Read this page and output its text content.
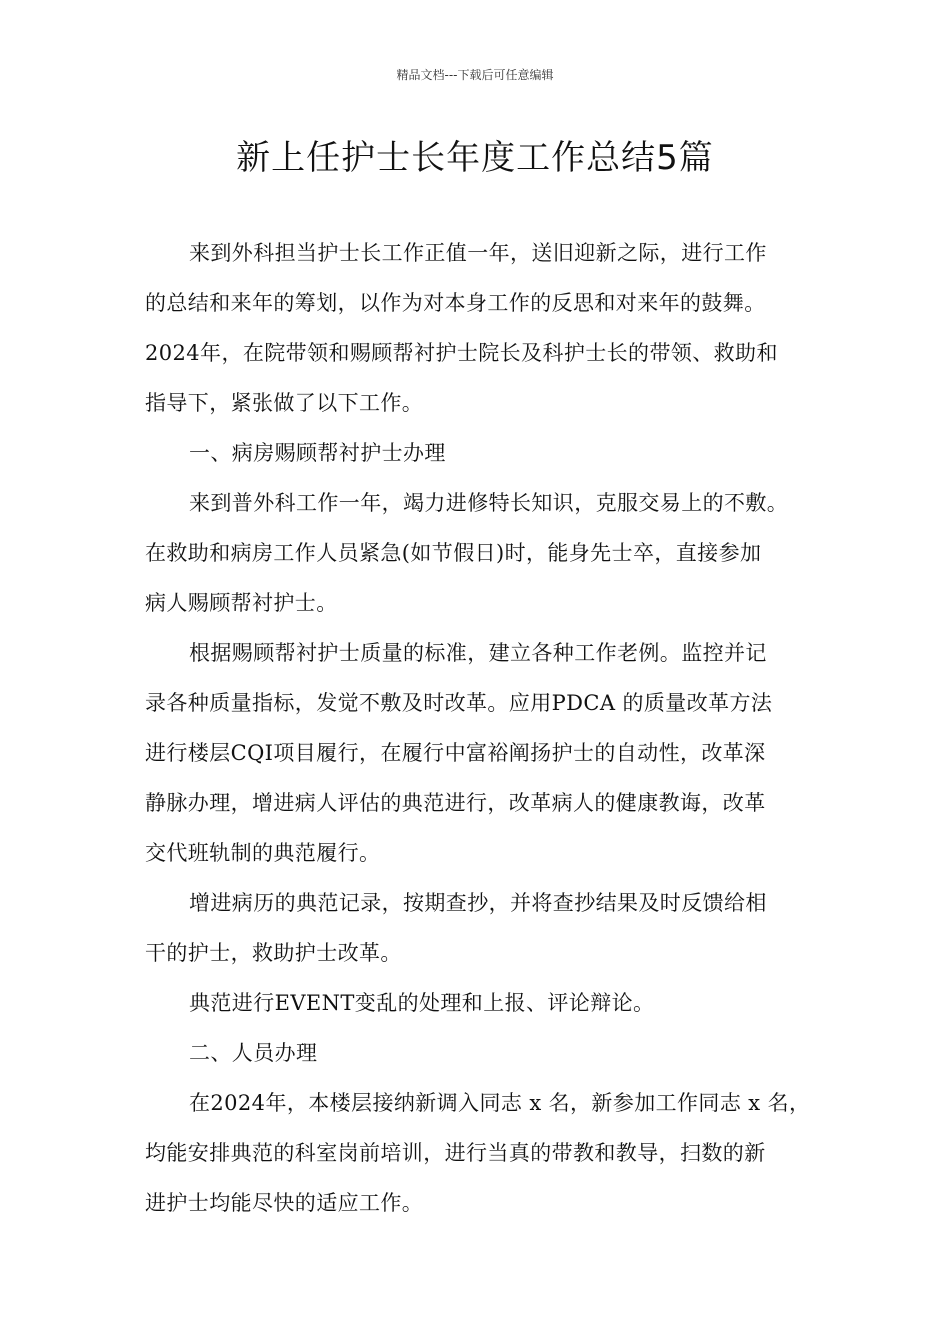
精品文档---下载后可任意编辑
新上任护士长年度工作总结5篇
来到外科担当护士长工作正值一年，送旧迎新之际，进行工作
的总结和来年的筹划，以作为对本身工作的反思和对来年的鼓舞。
2024年，在院带领和赐顾帮衬护士院长及科护士长的带领、救助和
指导下，紧张做了以下工作。
一、病房赐顾帮衬护士办理
来到普外科工作一年，竭力进修特长知识，克服交易上的不敷。
在救助和病房工作人员紧急(如节假日)时，能身先士卒，直接参加
病人赐顾帮衬护士。
根据赐顾帮衬护士质量的标准，建立各种工作老例。监控并记
录各种质量指标，发觉不敷及时改革。应用PDCA 的质量改革方法
进行楼层CQI项目履行，在履行中富裕阐扬护士的自动性，改革深
静脉办理，增进病人评估的典范进行，改革病人的健康教诲，改革
交代班轨制的典范履行。
增进病历的典范记录，按期查抄，并将查抄结果及时反馈给相
干的护士，救助护士改革。
典范进行EVENT变乱的处理和上报、评论辩论。
二、人员办理
在2024年，本楼层接纳新调入同志 x 名，新参加工作同志 x 名，
均能安排典范的科室岗前培训，进行当真的带教和教导，扫数的新
进护士均能尽快的适应工作。
